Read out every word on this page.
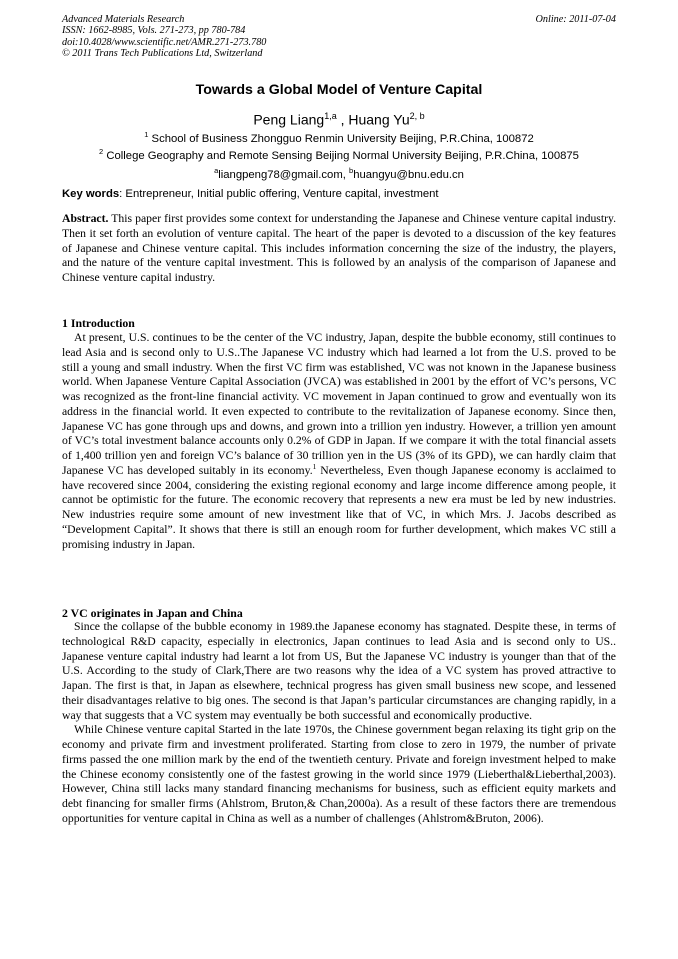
Advanced Materials Research
ISSN: 1662-8985, Vols. 271-273, pp 780-784
doi:10.4028/www.scientific.net/AMR.271-273.780
© 2011 Trans Tech Publications Ltd, Switzerland
Online: 2011-07-04
Towards a Global Model of Venture Capital
Peng Liang$^{1,a}$ , Huang Yu$^{2, b}$
$^1$ School of Business Zhongguo Renmin University Beijing, P.R.China, 100872
$^2$ College Geography and Remote Sensing Beijing Normal University Beijing, P.R.China, 100875
$^a$liangpeng78@gmail.com, $^b$huangyu@bnu.edu.cn
Key words: Entrepreneur, Initial public offering, Venture capital, investment

Abstract. This paper first provides some context for understanding the Japanese and Chinese venture capital industry. Then it set forth an evolution of venture capital. The heart of the paper is devoted to a discussion of the key features of Japanese and Chinese venture capital. This includes information concerning the size of the industry, the players, and the nature of the venture capital investment. This is followed by an analysis of the comparison of Japanese and Chinese venture capital industry.

1 Introduction

At present, U.S. continues to be the center of the VC industry, Japan, despite the bubble economy, still continues to lead Asia and is second only to U.S..The Japanese VC industry which had learned a lot from the U.S. proved to be still a young and small industry. When the first VC firm was established, VC was not known in the Japanese business world. When Japanese Venture Capital Association (JVCA) was established in 2001 by the effort of VC’s persons, VC was recognized as the front-line financial activity. VC movement in Japan continued to grow and eventually won its address in the financial world. It even expected to contribute to the revitalization of Japanese economy. Since then, Japanese VC has gone through ups and downs, and grown into a trillion yen industry. However, a trillion yen amount of VC’s total investment balance accounts only 0.2% of GDP in Japan. If we compare it with the total financial assets of 1,400 trillion yen and foreign VC’s balance of 30 trillion yen in the US (3% of its GPD), we can hardly claim that Japanese VC has developed suitably in its economy.$^1$ Nevertheless, Even though Japanese economy is acclaimed to have recovered since 2004, considering the existing regional economy and large income difference among people, it cannot be optimistic for the future. The economic recovery that represents a new era must be led by new industries. New industries require some amount of new investment like that of VC, in which Mrs. J. Jacobs described as “Development Capital”. It shows that there is still an enough room for further development, which makes VC still a promising industry in Japan.

2 VC originates in Japan and China

Since the collapse of the bubble economy in 1989.the Japanese economy has stagnated. Despite these, in terms of technological R&D capacity, especially in electronics, Japan continues to lead Asia and is second only to US.. Japanese venture capital industry had learnt a lot from US, But the Japanese VC industry is younger than that of the U.S. According to the study of Clark,There are two reasons why the idea of a VC system has proved attractive to Japan. The first is that, in Japan as elsewhere, technical progress has given small business new scope, and lessened their disadvantages relative to big ones. The second is that Japan’s particular circumstances are changing rapidly, in a way that suggests that a VC system may eventually be both successful and economically productive.

While Chinese venture capital Started in the late 1970s, the Chinese government began relaxing its tight grip on the economy and private firm and investment proliferated. Starting from close to zero in 1979, the number of private firms passed the one million mark by the end of the twentieth century. Private and foreign investment helped to make the Chinese economy consistently one of the fastest growing in the world since 1979 (Lieberthal&Lieberthal,2003). However, China still lacks many standard financing mechanisms for business, such as efficient equity markets and debt financing for smaller firms (Ahlstrom, Bruton,& Chan,2000a). As a result of these factors there are tremendous opportunities for venture capital in China as well as a number of challenges (Ahlstrom&Bruton, 2006).
